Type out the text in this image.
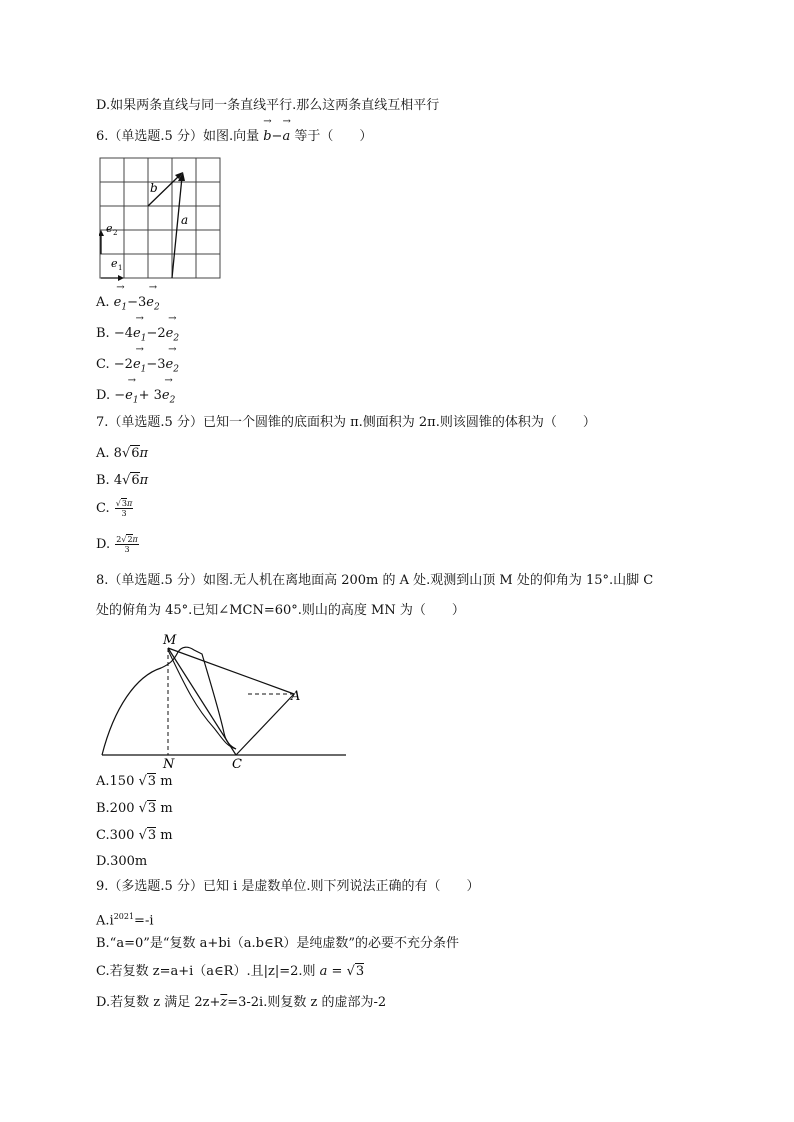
D.如果两条直线与同一条直线平行.那么这两条直线互相平行
6.（单选题.5 分）如图.向量 → b−→ a 等于（　　）
b
a
e 2
e 1
A. → $e_1-3\to e_2$
B. $-4\to e_1-2\to e_2$
C. $-2\to e_1-3\to e_2$
D. −→ $e_1+ 3\to e_2$
7.（单选题.5 分）已知一个圆锥的底面积为 π.侧面积为 2π.则该圆锥的体积为（　　）
A. 8√6π
B. 4√6π
C. $\frac{√3\pi}{3}$
D. $\frac{2√2\pi}{3}$
8.（单选题.5 分）如图.无人机在离地面高 200m 的 A 处.观测到山顶 M 处的仰角为 15°.山脚 C
处的俯角为 45°.已知∠MCN=60°.则山的高度 MN 为（　　）
M
A
N	C
A.150 √3 m
B.200 √3 m
C.300 √3 m
D.300m
9.（多选题.5 分）已知 i 是虚数单位.则下列说法正确的有（　　）
$A.i^{2021}=-i$
B.“a=0”是“复数 a+bi（a.b∈R）是纯虚数”的必要不充分条件
C.若复数 z=a+i（a∈R）.且|z|=2.则 a = √3
D.若复数 z 满足 $2z+\overline{z}=3-2i$.则复数 z 的虚部为-2
